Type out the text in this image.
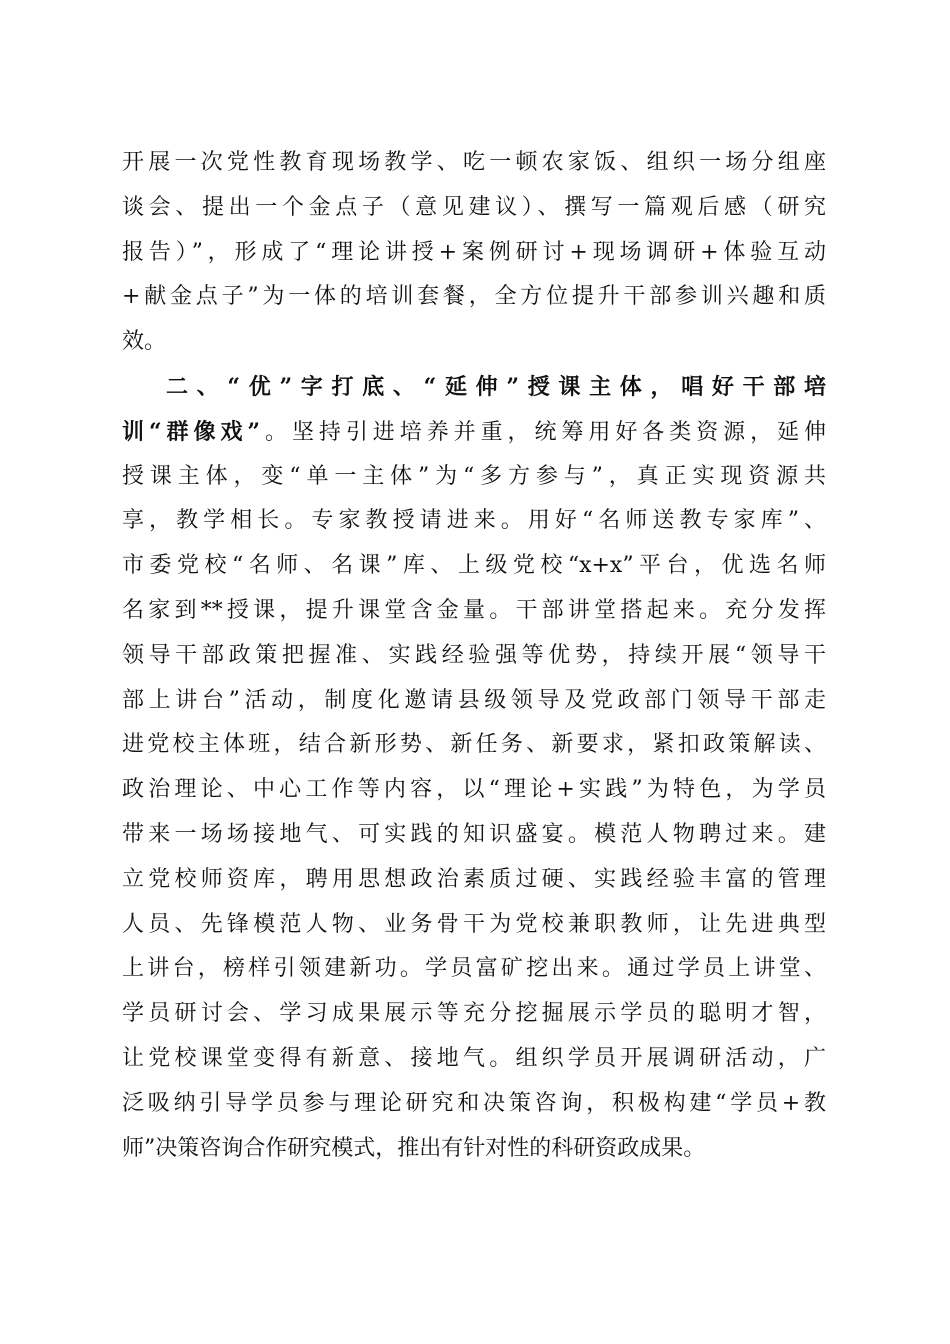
开展一次党性教育现场教学、吃一顿农家饭、组织一场分组座
谈会、提出一个金点子（意见建议）、撰写一篇观后感（研究
报告）”，形成了“理论讲授+案例研讨+现场调研+体验互动
+献金点子”为一体的培训套餐，全方位提升干部参训兴趣和质
效。
二、“优”字打底、“延伸”授课主体，唱好干部培
训“群像戏”。坚持引进培养并重，统筹用好各类资源，延伸
授课主体，变“单一主体”为“多方参与”，真正实现资源共
享，教学相长。专家教授请进来。用好“名师送教专家库”、
市委党校“名师、名课”库、上级党校“x+x”平台，优选名师
名家到**授课，提升课堂含金量。干部讲堂搭起来。充分发挥
领导干部政策把握准、实践经验强等优势，持续开展“领导干
部上讲台”活动，制度化邀请县级领导及党政部门领导干部走
进党校主体班，结合新形势、新任务、新要求，紧扣政策解读、
政治理论、中心工作等内容，以“理论+实践”为特色，为学员
带来一场场接地气、可实践的知识盛宴。模范人物聘过来。建
立党校师资库，聘用思想政治素质过硬、实践经验丰富的管理
人员、先锋模范人物、业务骨干为党校兼职教师，让先进典型
上讲台，榜样引领建新功。学员富矿挖出来。通过学员上讲堂、
学员研讨会、学习成果展示等充分挖掘展示学员的聪明才智，
让党校课堂变得有新意、接地气。组织学员开展调研活动，广
泛吸纳引导学员参与理论研究和决策咨询，积极构建“学员+教
师”决策咨询合作研究模式，推出有针对性的科研资政成果。
